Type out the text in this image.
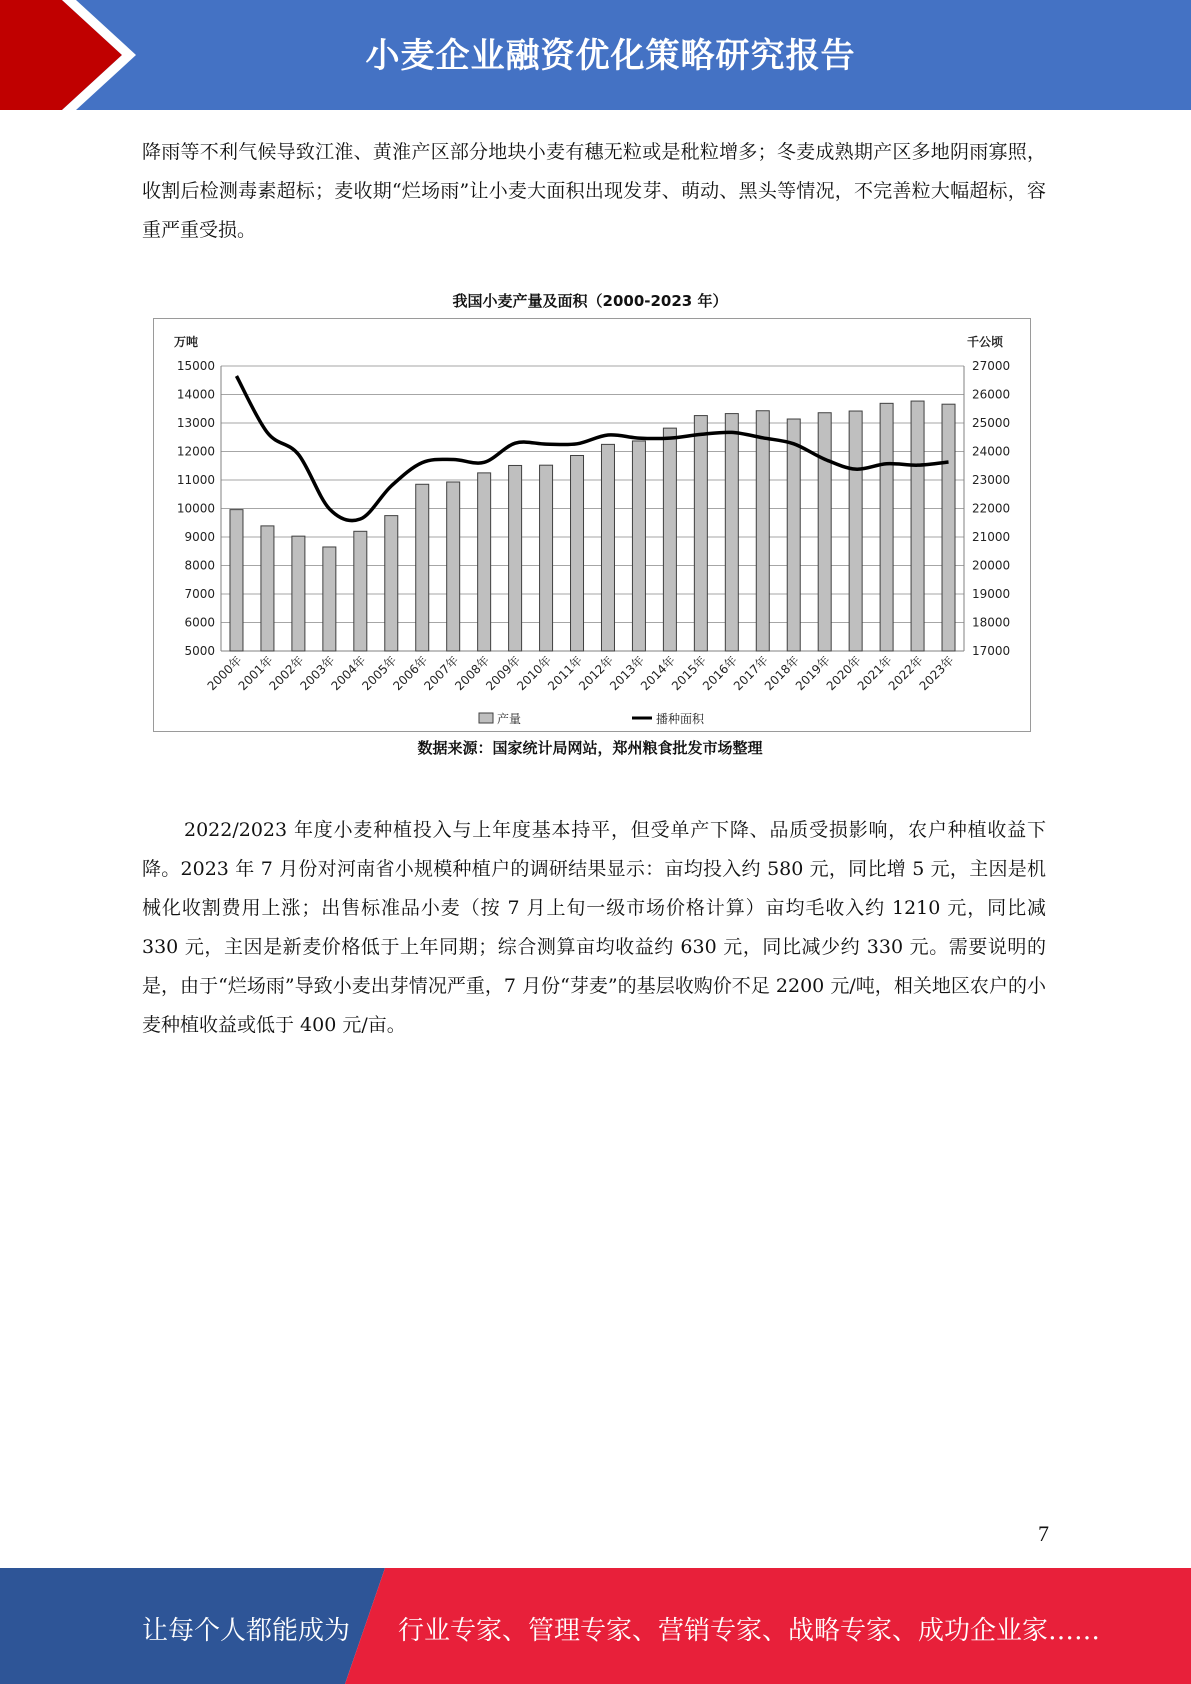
小麦企业融资优化策略研究报告

降雨等不利气候导致江淮、黄淮产区部分地块小麦有穗无粒或是秕粒增多；冬麦成熟期产区多地阴雨寡照，收割后检测毒素超标；麦收期“烂场雨”让小麦大面积出现发芽、萌动、黑头等情况，不完善粒大幅超标，容重严重受损。

我国小麦产量及面积（2000-2023 年）
15000
14000
13000
12000
11000
10000
9000
8000
7000
6000
5000
27000
26000
25000
24000
23000
22000
21000
20000
19000
18000
17000
万吨	千公顷
2000年
2001年
2002年
2003年
2004年
2005年
2006年
2007年
2008年
2009年
2010年
2011年
2012年
2013年
2014年
2015年
2016年
2017年
2018年
2019年
2020年
2021年
2022年
2023年
产量	播种面积
数据来源：国家统计局网站，郑州粮食批发市场整理

2022/2023 年度小麦种植投入与上年度基本持平，但受单产下降、品质受损影响，农户种植收益下降。2023 年 7 月份对河南省小规模种植户的调研结果显示：亩均投入约 580 元，同比增 5 元，主因是机械化收割费用上涨；出售标准品小麦（按 7 月上旬一级市场价格计算）亩均毛收入约 1210 元，同比减 330 元，主因是新麦价格低于上年同期；综合测算亩均收益约 630 元，同比减少约 330 元。需要说明的是，由于“烂场雨”导致小麦出芽情况严重，7 月份“芽麦”的基层收购价不足 2200 元/吨，相关地区农户的小麦种植收益或低于 400 元/亩。

7
让每个人都能成为 行业专家、管理专家、营销专家、战略专家、成功企业家……
